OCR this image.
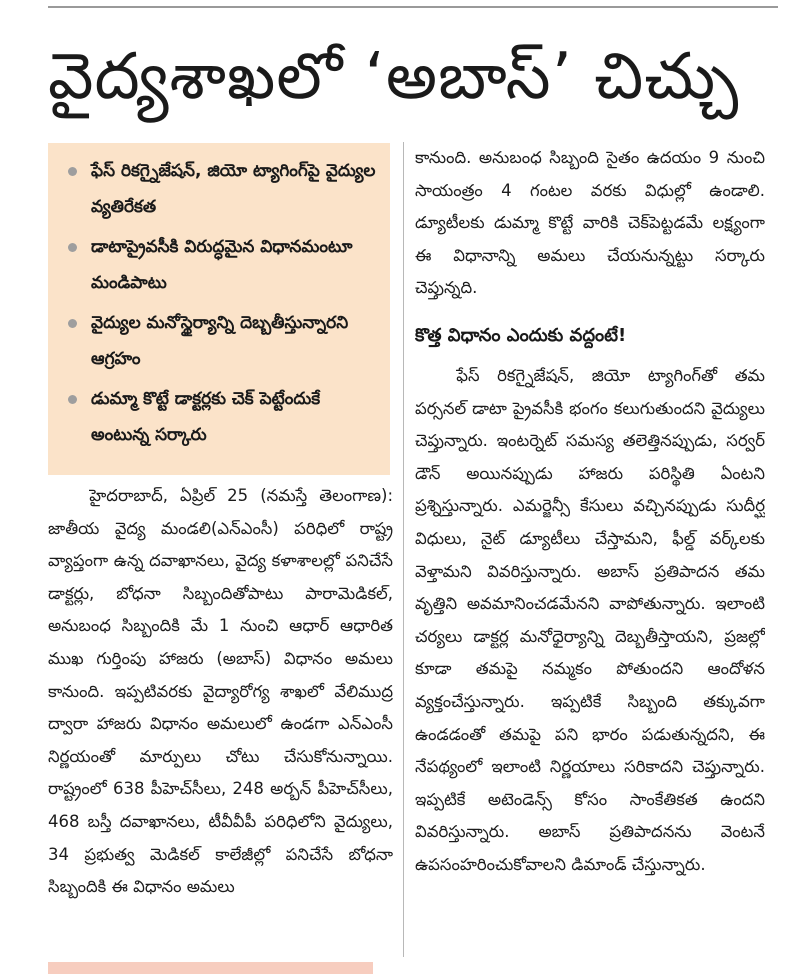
వైద్యశాఖలో ‘అబాస్’ చిచ్చు
ఫేస్ రికగ్నైజేషన్, జియో ట్యాగింగ్‌పై వైద్యుల వ్యతిరేకత
డాటాప్రైవసీకి విరుద్ధమైన విధానమంటూ మండిపాటు
వైద్యుల మనోస్థైర్యాన్ని దెబ్బతీస్తున్నారని ఆగ్రహం
డుమ్మా కొట్టే డాక్టర్లకు చెక్ పెట్టేందుకే అంటున్న సర్కారు
హైదరాబాద్, ఏప్రిల్ 25 (నమస్తే తెలంగాణ): జాతీయ వైద్య మండలి(ఎన్ఎంసీ) పరిధిలో రాష్ట్ర వ్యాప్తంగా ఉన్న దవాఖానలు, వైద్య కళాశాలల్లో పనిచేసే డాక్టర్లు, బోధనా సిబ్బందితోపాటు పారామెడికల్, అనుబంధ సిబ్బందికి మే 1 నుంచి ఆధార్ ఆధారిత ముఖ గుర్తింపు హాజరు (అబాస్) విధానం అమలు కానుంది. ఇప్పటివరకు వైద్యారోగ్య శాఖలో వేలిముద్ర ద్వారా హాజరు విధానం అమలులో ఉండగా ఎన్ఎంసీ నిర్ణయంతో మార్పులు చోటు చేసుకోనున్నాయి. రాష్ట్రంలో 638 పీహెచ్‌సీలు, 248 అర్బన్ పీహెచ్‌సీలు, 468 బస్తీ దవాఖానలు, టీవీవీపీ పరిధిలోని వైద్యులు, 34 ప్రభుత్వ మెడికల్ కాలేజీల్లో పనిచేసే బోధనా సిబ్బందికి ఈ విధానం అమలు
కానుంది. అనుబంధ సిబ్బంది సైతం ఉదయం 9 నుంచి సాయంత్రం 4 గంటల వరకు విధుల్లో ఉండాలి. డ్యూటీలకు డుమ్మా కొట్టే వారికి చెక్‌పెట్టడమే లక్ష్యంగా ఈ విధానాన్ని అమలు చేయనున్నట్టు సర్కారు చెప్తున్నది.
కొత్త విధానం ఎందుకు వద్దంటే!
ఫేస్ రికగ్నైజేషన్, జియో ట్యాగింగ్‌తో తమ పర్సనల్ డాటా ప్రైవసీకి భంగం కలుగుతుందని వైద్యులు చెప్తున్నారు. ఇంటర్నెట్ సమస్య తలెత్తినప్పుడు, సర్వర్ డౌన్ అయినప్పుడు హాజరు పరిస్థితి ఏంటని ప్రశ్నిస్తున్నారు. ఎమర్జెన్సీ కేసులు వచ్చినప్పుడు సుదీర్ఘ విధులు, నైట్ డ్యూటీలు చేస్తామని, ఫీల్డ్ వర్క్‌లకు వెళ్తామని వివరిస్తున్నారు. అబాస్ ప్రతిపాదన తమ వృత్తిని అవమానించడమేనని వాపోతున్నారు. ఇలాంటి చర్యలు డాక్టర్ల మనోధైర్యాన్ని దెబ్బతీస్తాయని, ప్రజల్లో కూడా తమపై నమ్మకం పోతుందని ఆందోళన వ్యక్తంచేస్తున్నారు. ఇప్పటికే సిబ్బంది తక్కువగా ఉండడంతో తమపై పని భారం పడుతున్నదని, ఈ నేపథ్యంలో ఇలాంటి నిర్ణయాలు సరికాదని చెప్తున్నారు. ఇప్పటికే అటెండెన్స్ కోసం సాంకేతికత ఉందని వివరిస్తున్నారు. అబాస్ ప్రతిపాదనను వెంటనే ఉపసంహరించుకోవాలని డిమాండ్ చేస్తున్నారు.
